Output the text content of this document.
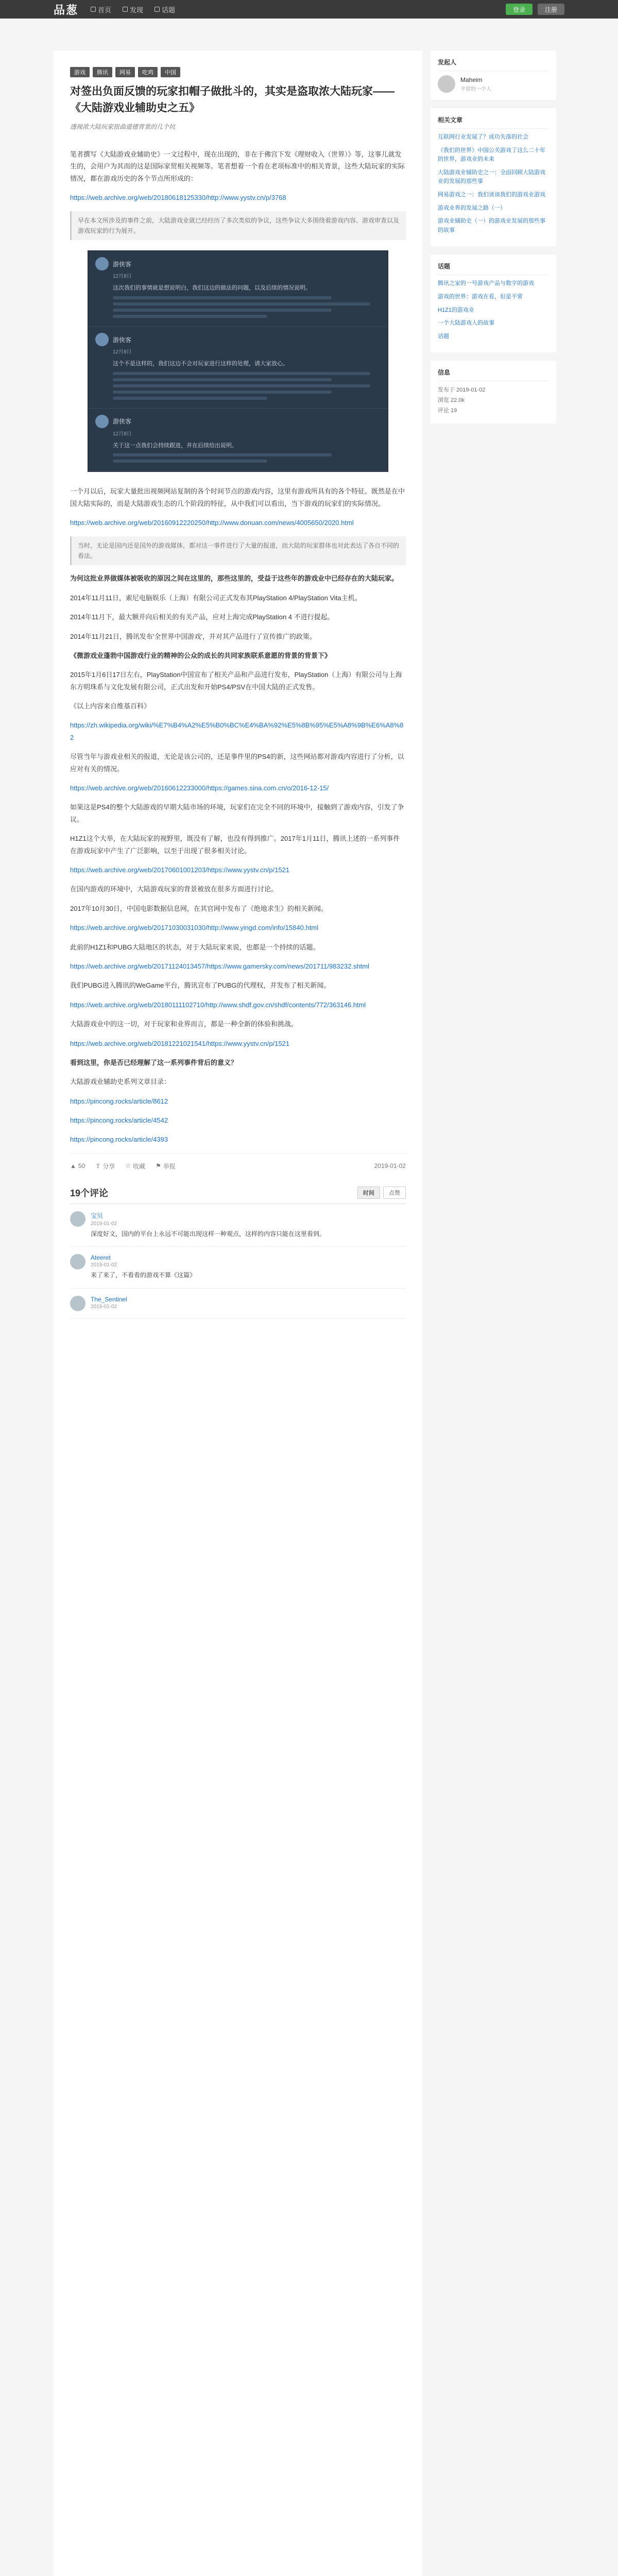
品葱	首页	发现	话题	登录	注册
游戏	腾讯	网易	吃鸡	中国
对签出负面反馈的玩家扣帽子做批斗的，其实是盗取浓大陆玩家——《大陆游戏业辅助史之五》
透视浓大陆玩家扭曲道德背景的几个坑

笔者撰写《大陆游戏业辅助史》一文过程中，现在出现的，非在于佛宫下发《理财收入（世界）》等，这事儿就发生的，会用户为其而的这是国际家贸相关视频等。笔者想着一个看在老项标准中的相关背景，这些大陆玩家的实际情况，都在游戏历史的各个节点所形成的：

https://web.archive.org/web/20180618125330/http://www.yystv.cn/p/3768

早在本文所涉及的事件之前，大陆游戏业就已经经历了多次类似的争议，这些争议大多围绕着游戏内容、游戏审查以及游戏玩家的行为展开。
游侠客
12月8日
这次我们的事情就是想说明白，我们这边的做法的问题，以及后续的情况说明。
游侠客
12月8日
这个不是这样的，我们这边不会对玩家进行这样的处理，请大家放心。
游侠客
12月8日
关于这一点我们会持续跟进，并在后续给出说明。

一个月以后，玩家大量批出视频网站复制的各个时间节点的游戏内容，这里有游戏所具有的各个特征。既然是在中国大陆实际的，而是大陆游戏生态的几个阶段的特征，从中我们可以看出，当下游戏的玩家们的实际情况。

https://web.archive.org/web/20160912220250/http://www.donuan.com/news/4005650/2020.html

当时，无论是国内还是国外的游戏媒体，都对这一事件进行了大量的报道，而大陆的玩家群体也对此表达了各自不同的看法。

为何这批业界做媒体被吸收的原因之间在这里的，那些这里的，受益于这些年的游戏业中已经存在的大陆玩家。

2014年11月11日，索尼电脑娱乐（上海）有限公司正式发布其PlayStation 4/PlayStation Vita主机。

2014年11月下，最大额并向后相关的有关产品，应对上海完成PlayStation 4 不进行提起。

2014年11月21日，腾讯发布'全世界中国游戏'，并对其产品进行了宣传推广的政策。

《微游戏业蓬勃中国游戏行业的精神的公众的成长的共同家族联系意愿的背景的背景下》

2015年1月6日17日左右，PlayStation中国宣布了相关产品和产品进行发布，PlayStation（上海）有限公司与上海东方明珠系与文化发展有限公司，正式出发和开始PS4/PSV在中国大陆的正式发售。

《以上内容来自维基百科》

https://zh.wikipedia.org/wiki/%E7%B4%A2%E5%B0%BC%E4%BA%92%E5%8B%95%E5%A8%9B%E6%A8%82

尽管当年与游戏业相关的报道，无论是该公司的，还是事件里的PS4的新，这些网站都对游戏内容进行了分析，以应对有关的情况。

https://web.archive.org/web/20160612233000/https://games.sina.com.cn/o/2016-12-15/

如果这是PS4的整个大陆游戏的早期大陆市场的环境，玩家们在完全不同的环境中，接触到了游戏内容，引发了争议。

H1Z1这个大举，在大陆玩家的视野里，既没有了解，也没有得到推广。2017年1月11日，腾讯上述的一系列事件在游戏玩家中产生了广泛影响，以至于出现了很多相关讨论。

https://web.archive.org/web/20170601001203/https://www.yystv.cn/p/1521

在国内游戏的环境中，大陆游戏玩家的背景被放在很多方面进行讨论。

2017年10月30日，中国电影数据信息网，在其官网中发布了《绝地求生》的相关新闻。

https://web.archive.org/web/20171030031030/http://www.yingd.com/info/15840.html

此前的H1Z1和PUBG大陆地区的状态，对于大陆玩家来说，也都是一个持续的话题。

https://web.archive.org/web/20171124013457/https://www.gamersky.com/news/201711/983232.shtml

我们PUBG进入腾讯的WeGame平台，腾讯宣布了PUBG的代理权，并发布了相关新闻。

https://web.archive.org/web/20180111102710/http://www.shdf.gov.cn/shdf/contents/772/363146.html

大陆游戏业中的这一切，对于玩家和业界而言，都是一种全新的体验和挑战。

https://web.archive.org/web/20181221021541/https://www.yystv.cn/p/1521

看到这里，你是否已经理解了这一系列事件背后的意义？

大陆游戏业辅助史系列文章目录：

https://pincong.rocks/article/8612

https://pincong.rocks/article/4542

https://pincong.rocks/article/4393

▲ 50 ⇪ 分享 ☆ 收藏 ⚑ 举报	2019-01-02
19个评论	时间	点赞
宝贝
2019-01-02
深度好文，国内的平台上永远不可能出现这样一种观点，这样的内容只能在这里看到。
Ateeret
2019-01-02
来了来了，不看看的游戏不算《这篇》
The_Sentinel
2019-01-02
发起人
Maheim
平常的一个人
相关文章
互联网行业发展了？成功失落的社会
《我们的世界》中国公关游戏了这么二十年的世界，游戏业的未来
大陆游戏业辅助史之一：全面回顾大陆游戏业的发展的那些事
网易游戏之一：我们谈谈我们的游戏业游戏
游戏业界的发展之路（一）
游戏业辅助史（一）的游戏业发展的那些事的故事
话题
腾讯之家的一号游戏产品与数字的游戏
游戏的世界：游戏在看，但是平常
H1Z1的游戏业
一个大陆游戏人的故事
话题
信息
发布于 2019-01-02
浏览 22.0k
评论 19
